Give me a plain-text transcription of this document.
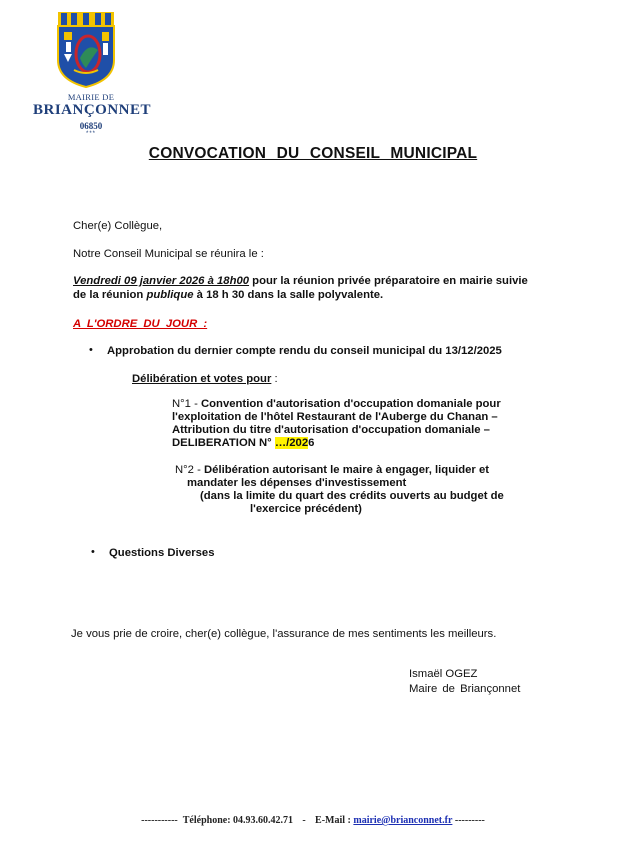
MAIRIE DE
BRIANÇONNET
06850
***
CONVOCATION DU CONSEIL MUNICIPAL
Cher(e) Collègue,
Notre Conseil Municipal se réunira le :
Vendredi 09 janvier 2026 à 18h00 pour la réunion privée préparatoire en mairie suivie
de la réunion publique à 18 h 30 dans la salle polyvalente.
A L'ORDRE DU JOUR :
• Approbation du dernier compte rendu du conseil municipal du 13/12/2025
Délibération et votes pour :
N°1 - Convention d'autorisation d'occupation domaniale pour
l'exploitation de l'hôtel Restaurant de l'Auberge du Chanan –
Attribution du titre d'autorisation d'occupation domaniale –
DELIBERATION N° …/2026
N°2 - Délibération autorisant le maire à engager, liquider et
mandater les dépenses d'investissement
(dans la limite du quart des crédits ouverts au budget de
l'exercice précédent)
• Questions Diverses
Je vous prie de croire, cher(e) collègue, l'assurance de mes sentiments les meilleurs.
Ismaël OGEZ
Maire de Briançonnet
----------- Téléphone: 04.93.60.42.71 - E-Mail : mairie@brianconnet.fr ---------
